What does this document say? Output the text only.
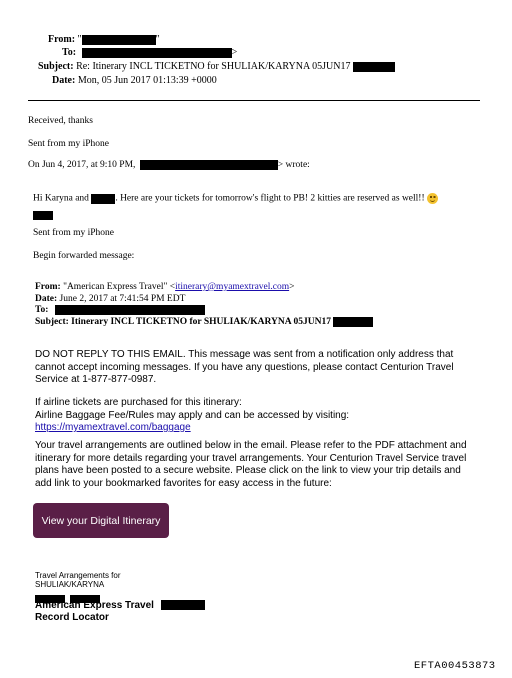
From: "	"
To:	>
Subject: Re: Itinerary INCL TICKETNO for SHULIAK/KARYNA 05JUN17
Date: Mon, 05 Jun 2017 01:13:39 +0000
Received, thanks
Sent from my iPhone
On Jun 4, 2017, at 9:10 PM,	> wrote:
Hi Karyna and	. Here are your tickets for tomorrow's flight to PB! 2 kitties are reserved as well!!
Sent from my iPhone
Begin forwarded message:
From: "American Express Travel" <itinerary@myamextravel.com>
Date: June 2, 2017 at 7:41:54 PM EDT
To:
Subject: Itinerary INCL TICKETNO for SHULIAK/KARYNA 05JUN17
DO NOT REPLY TO THIS EMAIL. This message was sent from a notification only address that
cannot accept incoming messages. If you have any questions, please contact Centurion Travel
Service at 1-877-877-0987.
If airline tickets are purchased for this itinerary:
Airline Baggage Fee/Rules may apply and can be accessed by visiting:
https://myamextravel.com/baggage
Your travel arrangements are outlined below in the email. Please refer to the PDF attachment and
itinerary for more details regarding your travel arrangements. Your Centurion Travel Service travel
plans have been posted to a secure website. Please click on the link to view your trip details and
add link to your bookmarked favorites for easy access in the future:
View your Digital Itinerary
Travel Arrangements for
SHULIAK/KARYNA

American Express Travel
Record Locator
EFTA00453873
